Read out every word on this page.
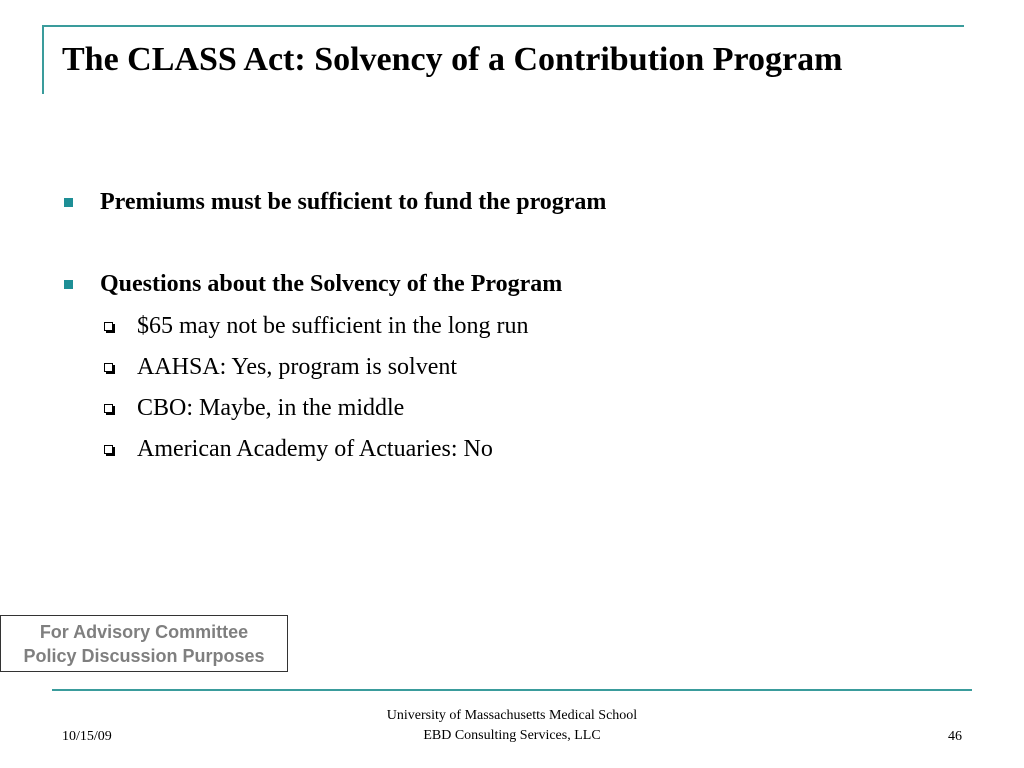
The CLASS Act: Solvency of a Contribution Program
Premiums must be sufficient to fund the program
Questions about the Solvency of the Program
$65 may not be sufficient in the long run
AAHSA: Yes, program is solvent
CBO: Maybe, in the middle
American Academy of Actuaries: No
For Advisory Committee
Policy Discussion Purposes
10/15/09
University of Massachusetts Medical School
EBD Consulting Services, LLC	46
